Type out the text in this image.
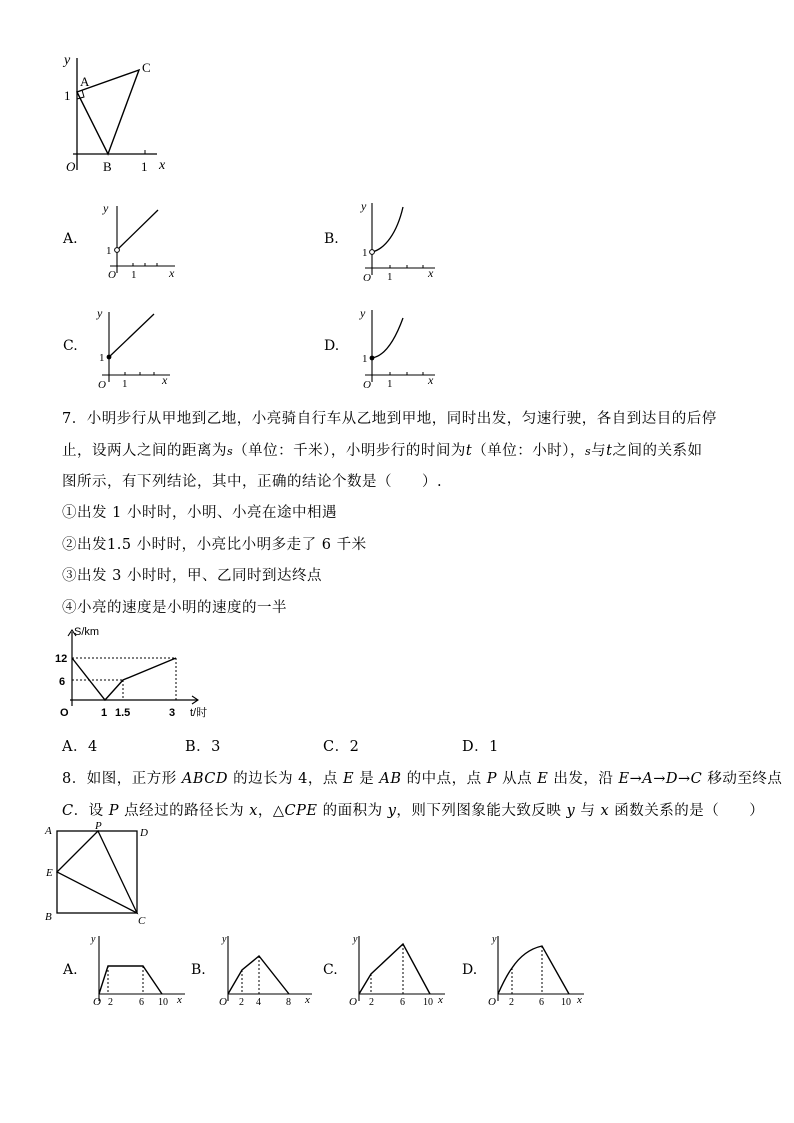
y
A
1
C
O B 1 x
A.
y
1
O 1	x
B.
y
1
O 1	x
C.
y
1
O 1	x
D.
y
1
O 1	x
7．小明步行从甲地到乙地，小亮骑自行车从乙地到甲地，同时出发，匀速行驶，各自到达目的后停
止，设两人之间的距离为s（单位：千米），小明步行的时间为t（单位：小时），s与t之间的关系如
图所示，有下列结论，其中，正确的结论个数是（　　）.
①出发 1 小时时，小明、小亮在途中相遇
②出发1.5 小时时，小亮比小明多走了 6 千米
③出发 3 小时时，甲、乙同时到达终点
④小亮的速度是小明的速度的一半
S/km
12
6
O	1 1.5	3 t/时
A．4	B．3	C．2	D．1
8．如图，正方形 ABCD 的边长为 4，点 E 是 AB 的中点，点 P 从点 E 出发，沿 E→A→D→C 移动至终点
C．设 P 点经过的路径长为 x，△CPE 的面积为 y，则下列图象能大致反映 y 与 x 函数关系的是（　　）
A	P
D
E
B	C
A.
y
O 2	6 10 x
B.
y
O 2 4	8 x
C.
y
O 2	6 10 x
D.
y
O 2	6 10 x
